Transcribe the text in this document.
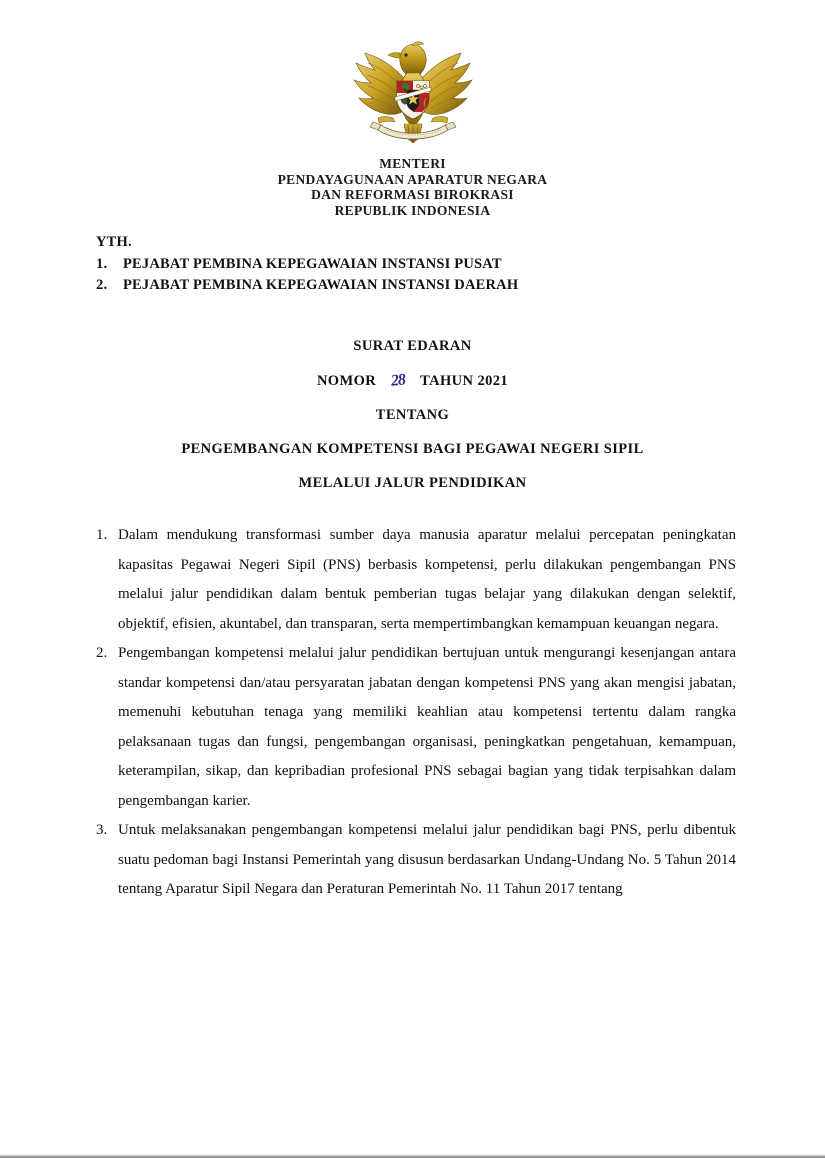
MENTERI
PENDAYAGUNAAN APARATUR NEGARA
DAN REFORMASI BIROKRASI
REPUBLIK INDONESIA
YTH.
1.	PEJABAT PEMBINA KEPEGAWAIAN INSTANSI PUSAT
2.	PEJABAT PEMBINA KEPEGAWAIAN INSTANSI DAERAH
SURAT EDARAN
NOMOR 28 TAHUN 2021
TENTANG
PENGEMBANGAN KOMPETENSI BAGI PEGAWAI NEGERI SIPIL
MELALUI JALUR PENDIDIKAN
1. Dalam mendukung transformasi sumber daya manusia aparatur melalui percepatan peningkatan kapasitas Pegawai Negeri Sipil (PNS) berbasis kompetensi, perlu dilakukan pengembangan PNS melalui jalur pendidikan dalam bentuk pemberian tugas belajar yang dilakukan dengan selektif, objektif, efisien, akuntabel, dan transparan, serta mempertimbangkan kemampuan keuangan negara.
2. Pengembangan kompetensi melalui jalur pendidikan bertujuan untuk mengurangi kesenjangan antara standar kompetensi dan/atau persyaratan jabatan dengan kompetensi PNS yang akan mengisi jabatan, memenuhi kebutuhan tenaga yang memiliki keahlian atau kompetensi tertentu dalam rangka pelaksanaan tugas dan fungsi, pengembangan organisasi, peningkatkan pengetahuan, kemampuan, keterampilan, sikap, dan kepribadian profesional PNS sebagai bagian yang tidak terpisahkan dalam pengembangan karier.
3. Untuk melaksanakan pengembangan kompetensi melalui jalur pendidikan bagi PNS, perlu dibentuk suatu pedoman bagi Instansi Pemerintah yang disusun berdasarkan Undang-Undang No. 5 Tahun 2014 tentang Aparatur Sipil Negara dan Peraturan Pemerintah No. 11 Tahun 2017 tentang
